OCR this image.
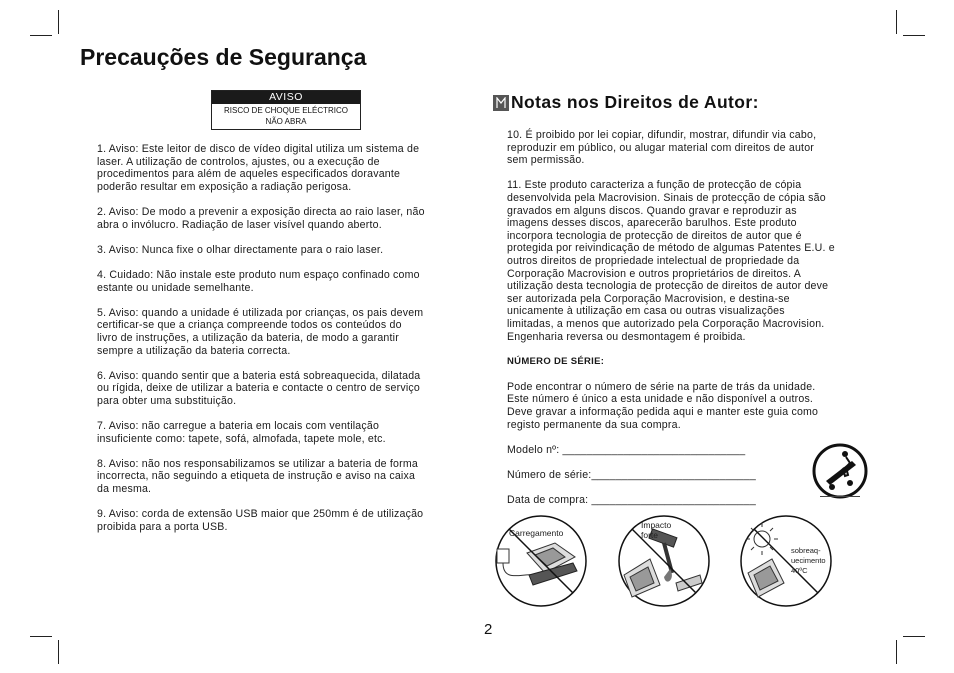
Precauções de Segurança
AVISO
RISCO DE CHOQUE ELÉCTRICO
NÃO ABRA

1. Aviso: Este leitor de disco de vídeo digital utiliza um sistema de
laser. A utilização de controlos, ajustes, ou a execução de
procedimentos para além de aqueles especificados doravante
poderão resultar em exposição a radiação perigosa.

2. Aviso: De modo a prevenir a exposição directa ao raio laser, não
abra o invólucro. Radiação de laser visível quando aberto.

3. Aviso: Nunca fixe o olhar directamente para o raio laser.

4. Cuidado: Não instale este produto num espaço confinado como
estante ou unidade semelhante.

5. Aviso: quando a unidade é utilizada por crianças, os pais devem
certificar-se que a criança compreende todos os conteúdos do
livro de instruções, a utilização da bateria, de modo a garantir
sempre a utilização da bateria correcta.

6. Aviso: quando sentir que a bateria está sobreaquecida, dilatada
ou rígida, deixe de utilizar a bateria e contacte o centro de serviço
para obter uma substituição.

7. Aviso: não carregue a bateria em locais com ventilação
insuficiente como: tapete, sofá, almofada, tapete mole, etc.

8. Aviso: não nos responsabilizamos se utilizar a bateria de forma
incorrecta, não seguindo a etiqueta de instrução e aviso na caixa
da mesma.

9. Aviso: corda de extensão USB maior que 250mm é de utilização
proibida para a porta USB.

Notas nos Direitos de Autor:

10. É proibido por lei copiar, difundir, mostrar, difundir via cabo,
reproduzir em público, ou alugar material com direitos de autor
sem permissão.

11. Este produto caracteriza a função de protecção de cópia
desenvolvida pela Macrovision. Sinais de protecção de cópia são
gravados em alguns discos. Quando gravar e reproduzir as
imagens desses discos, aparecerão barulhos. Este produto
incorpora tecnologia de protecção de direitos de autor que é
protegida por reivindicação de método de algumas Patentes E.U. e
outros direitos de propriedade intelectual de propriedade da
Corporação Macrovision e outros proprietários de direitos. A
utilização desta tecnologia de protecção de direitos de autor deve
ser autorizada pela Corporação Macrovision, e destina-se
unicamente à utilização em casa ou outras visualizações
limitadas, a menos que autorizado pela Corporação Macrovision.
Engenharia reversa ou desmontagem é proibida.

NÚMERO DE SÉRIE:

Pode encontrar o número de série na parte de trás da unidade.
Este número é único a esta unidade e não disponível a outros.
Deve gravar a informação pedida aqui e manter este guia como
registo permanente da sua compra.

Modelo nº: ______________________________

Número de série:___________________________

Data de compra: ___________________________

Carregamento
Impacto
forte
sobreaq-
uecimento
40ºC
2
